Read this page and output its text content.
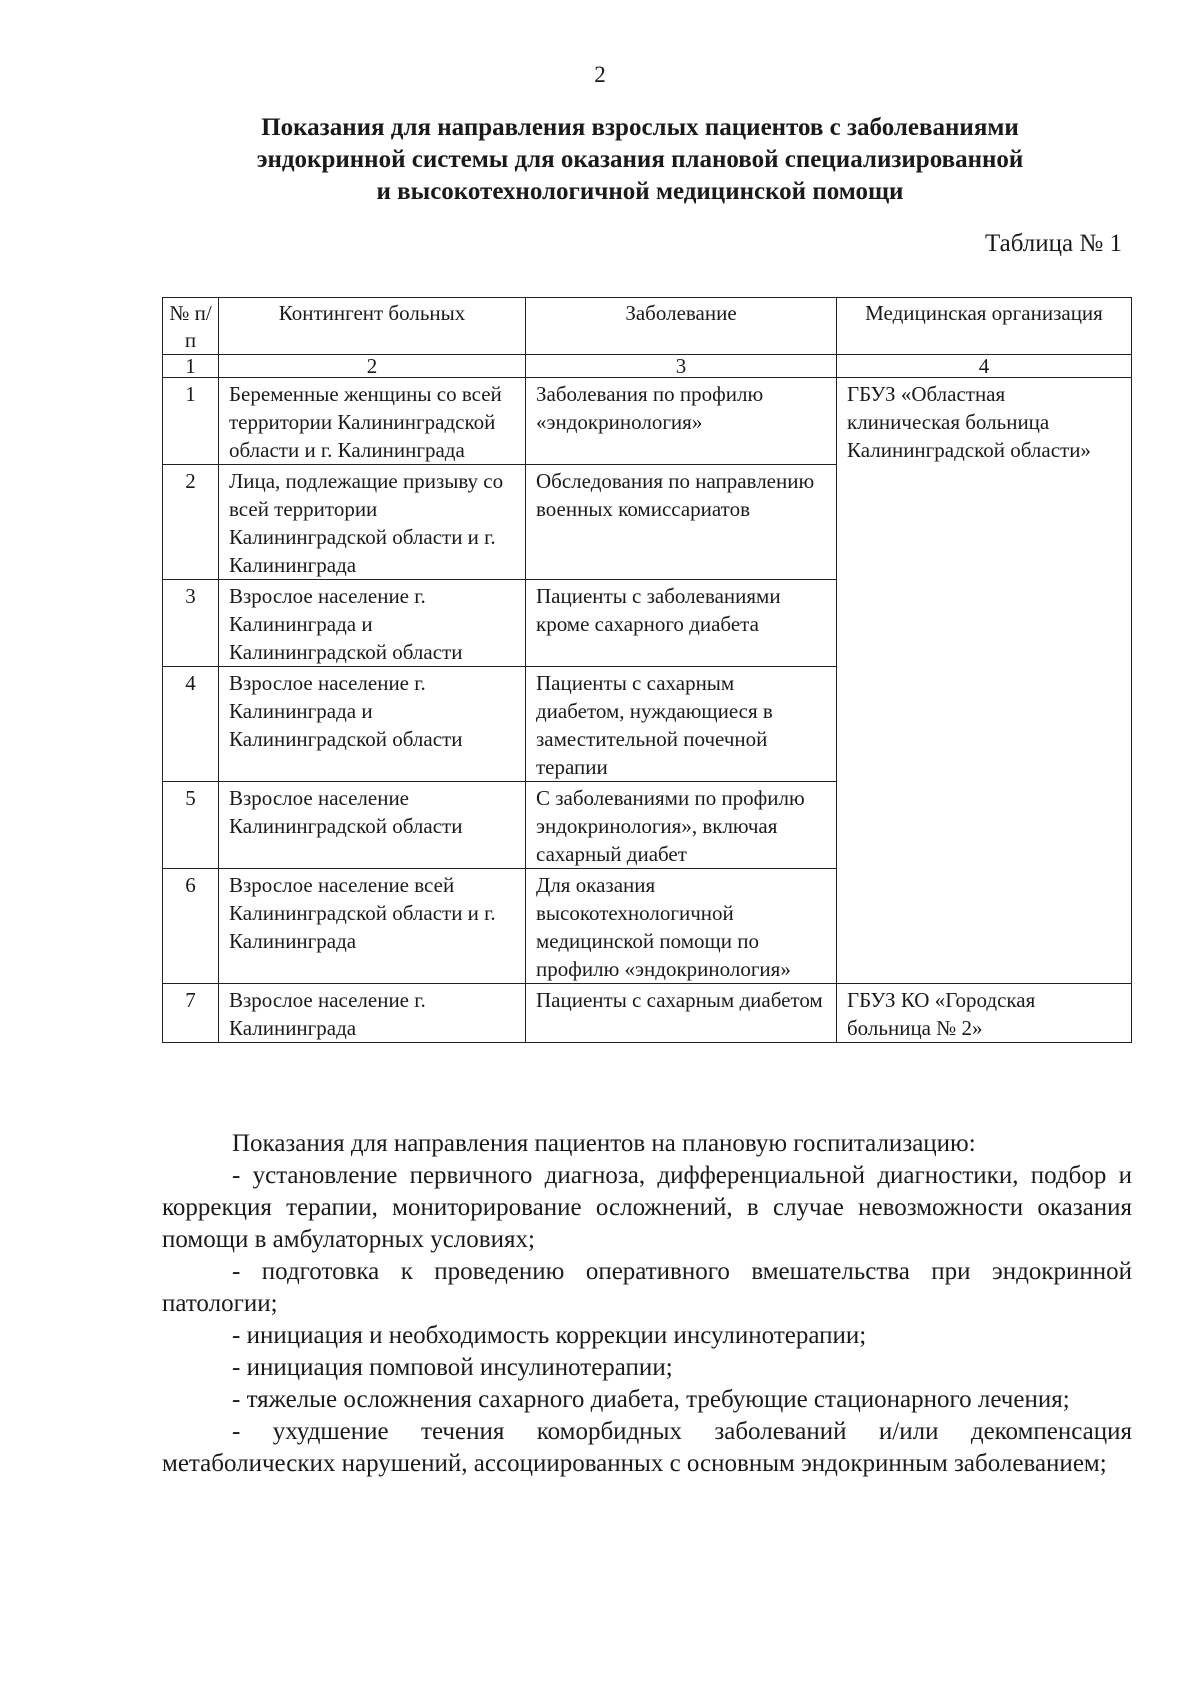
2
Показания для направления взрослых пациентов с заболеваниями
эндокринной системы для оказания плановой специализированной
и высокотехнологичной медицинской помощи
Таблица № 1
№ п/п	Контингент больных	Заболевание	Медицинская организация
1	2	3	4
1	Беременные женщины со всей территории Калининградской области и г. Калининграда	Заболевания по профилю «эндокринология»	ГБУЗ «Областная клиническая больница Калининградской области»
2	Лица, подлежащие призыву со всей территории Калининградской области и г. Калининграда	Обследования по направлению военных комиссариатов	
3	Взрослое население г. Калининграда и Калининградской области	Пациенты с заболеваниями кроме сахарного диабета	
4	Взрослое население г. Калининграда и Калининградской области	Пациенты с сахарным диабетом, нуждающиеся в заместительной почечной терапии	
5	Взрослое население Калининградской области	С заболеваниями по профилю эндокринология», включая сахарный диабет	
6	Взрослое население всей Калининградской области и г. Калининграда	Для оказания высокотехнологичной медицинской помощи по профилю «эндокринология»	
7	Взрослое население г. Калининграда	Пациенты с сахарным диабетом	ГБУЗ КО «Городская больница № 2»

Показания для направления пациентов на плановую госпитализацию:

- установление первичного диагноза, дифференциальной диагностики, подбор и коррекция терапии, мониторирование осложнений, в случае невозможности оказания помощи в амбулаторных условиях;

- подготовка к проведению оперативного вмешательства при эндокринной патологии;

- инициация и необходимость коррекции инсулинотерапии;

- инициация помповой инсулинотерапии;

- тяжелые осложнения сахарного диабета, требующие стационарного лечения;

- ухудшение течения коморбидных заболеваний и/или декомпенсация метаболических нарушений, ассоциированных с основным эндокринным заболеванием;
